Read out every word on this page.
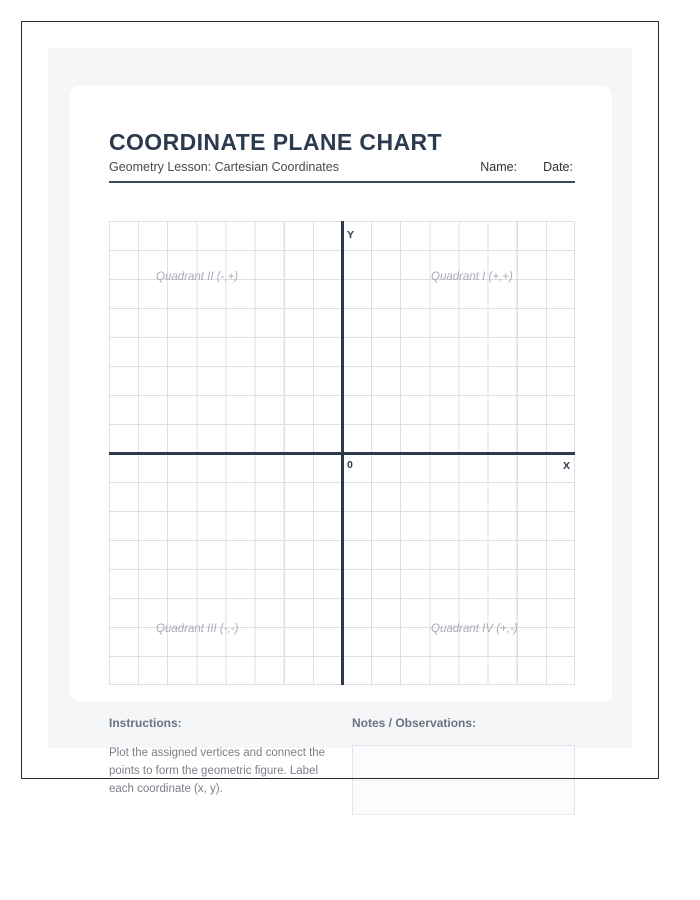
COORDINATE PLANE CHART
Geometry Lesson: Cartesian Coordinates	Name: Date:
Y
X
0
Quadrant II (-,+)	Quadrant I (+,+)
Quadrant III (-,-)	Quadrant IV (+,-)
Instructions:
Plot the assigned vertices and connect the points to form the geometric figure. Label each coordinate (x, y).
Notes / Observations:
